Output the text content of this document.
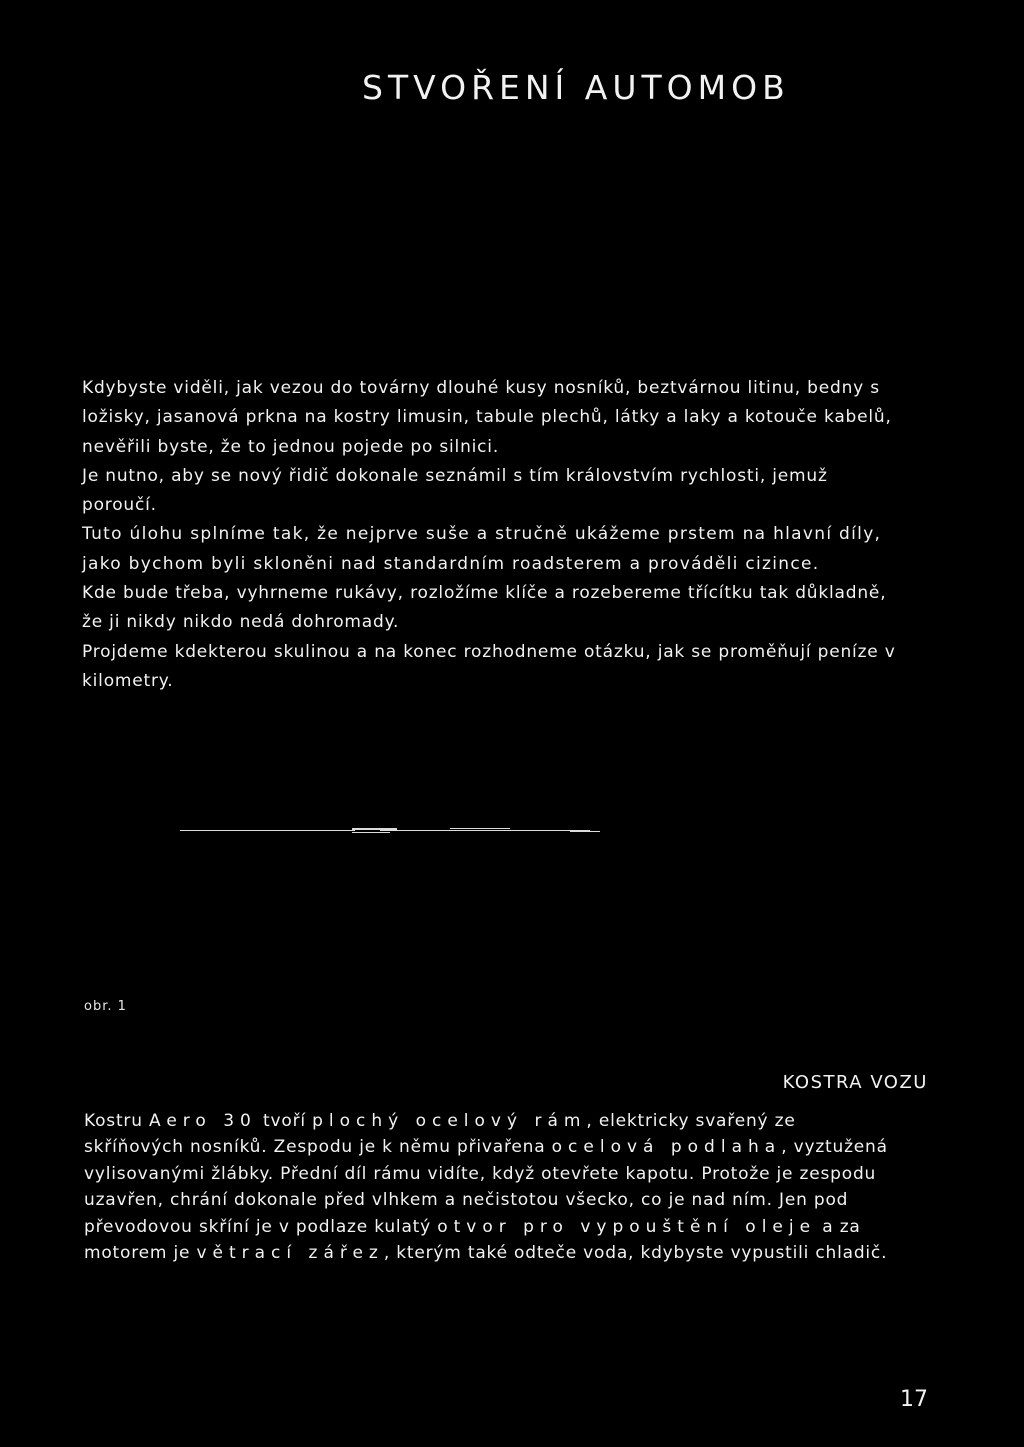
STVOŘENÍ AUTOMOB

Kdybyste viděli, jak vezou do továrny dlouhé kusy nosníků, beztvárnou litinu, bedny s ložisky, jasanová prkna na kostry limusin, tabule plechů, látky a laky a kotouče kabelů, nevěřili byste, že to jednou pojede po silnici.

Je nutno, aby se nový řidič dokonale seznámil s tím královstvím rychlosti, jemuž poroučí.

Tuto úlohu splníme tak, že nejprve suše a stručně ukážeme prstem na hlavní díly, jako bychom byli skloněni nad standardním roadsterem a prováděli cizince.

Kde bude třeba, vyhrneme rukávy, rozložíme klíče a rozebereme třícítku tak důkladně, že ji nikdy nikdo nedá dohromady.

Projdeme kdekterou skulinou a na konec rozhodneme otázku, jak se proměňují peníze v kilometry.

obr. 1
KOSTRA VOZU

Kostru Aero 30 tvoří plochý ocelový rám, elektricky svařený ze skříňových nosníků. Zespodu je k němu přivařena ocelová podlaha, vyztužená vylisovanými žlábky. Přední díl rámu vidíte, když otevřete kapotu. Protože je zespodu uzavřen, chrání dokonale před vlhkem a nečistotou všecko, co je nad ním. Jen pod převodovou skříní je v podlaze kulatý otvor pro vypouštění oleje a za motorem je větrací zářez, kterým také odteče voda, kdybyste vypustili chladič.

17
